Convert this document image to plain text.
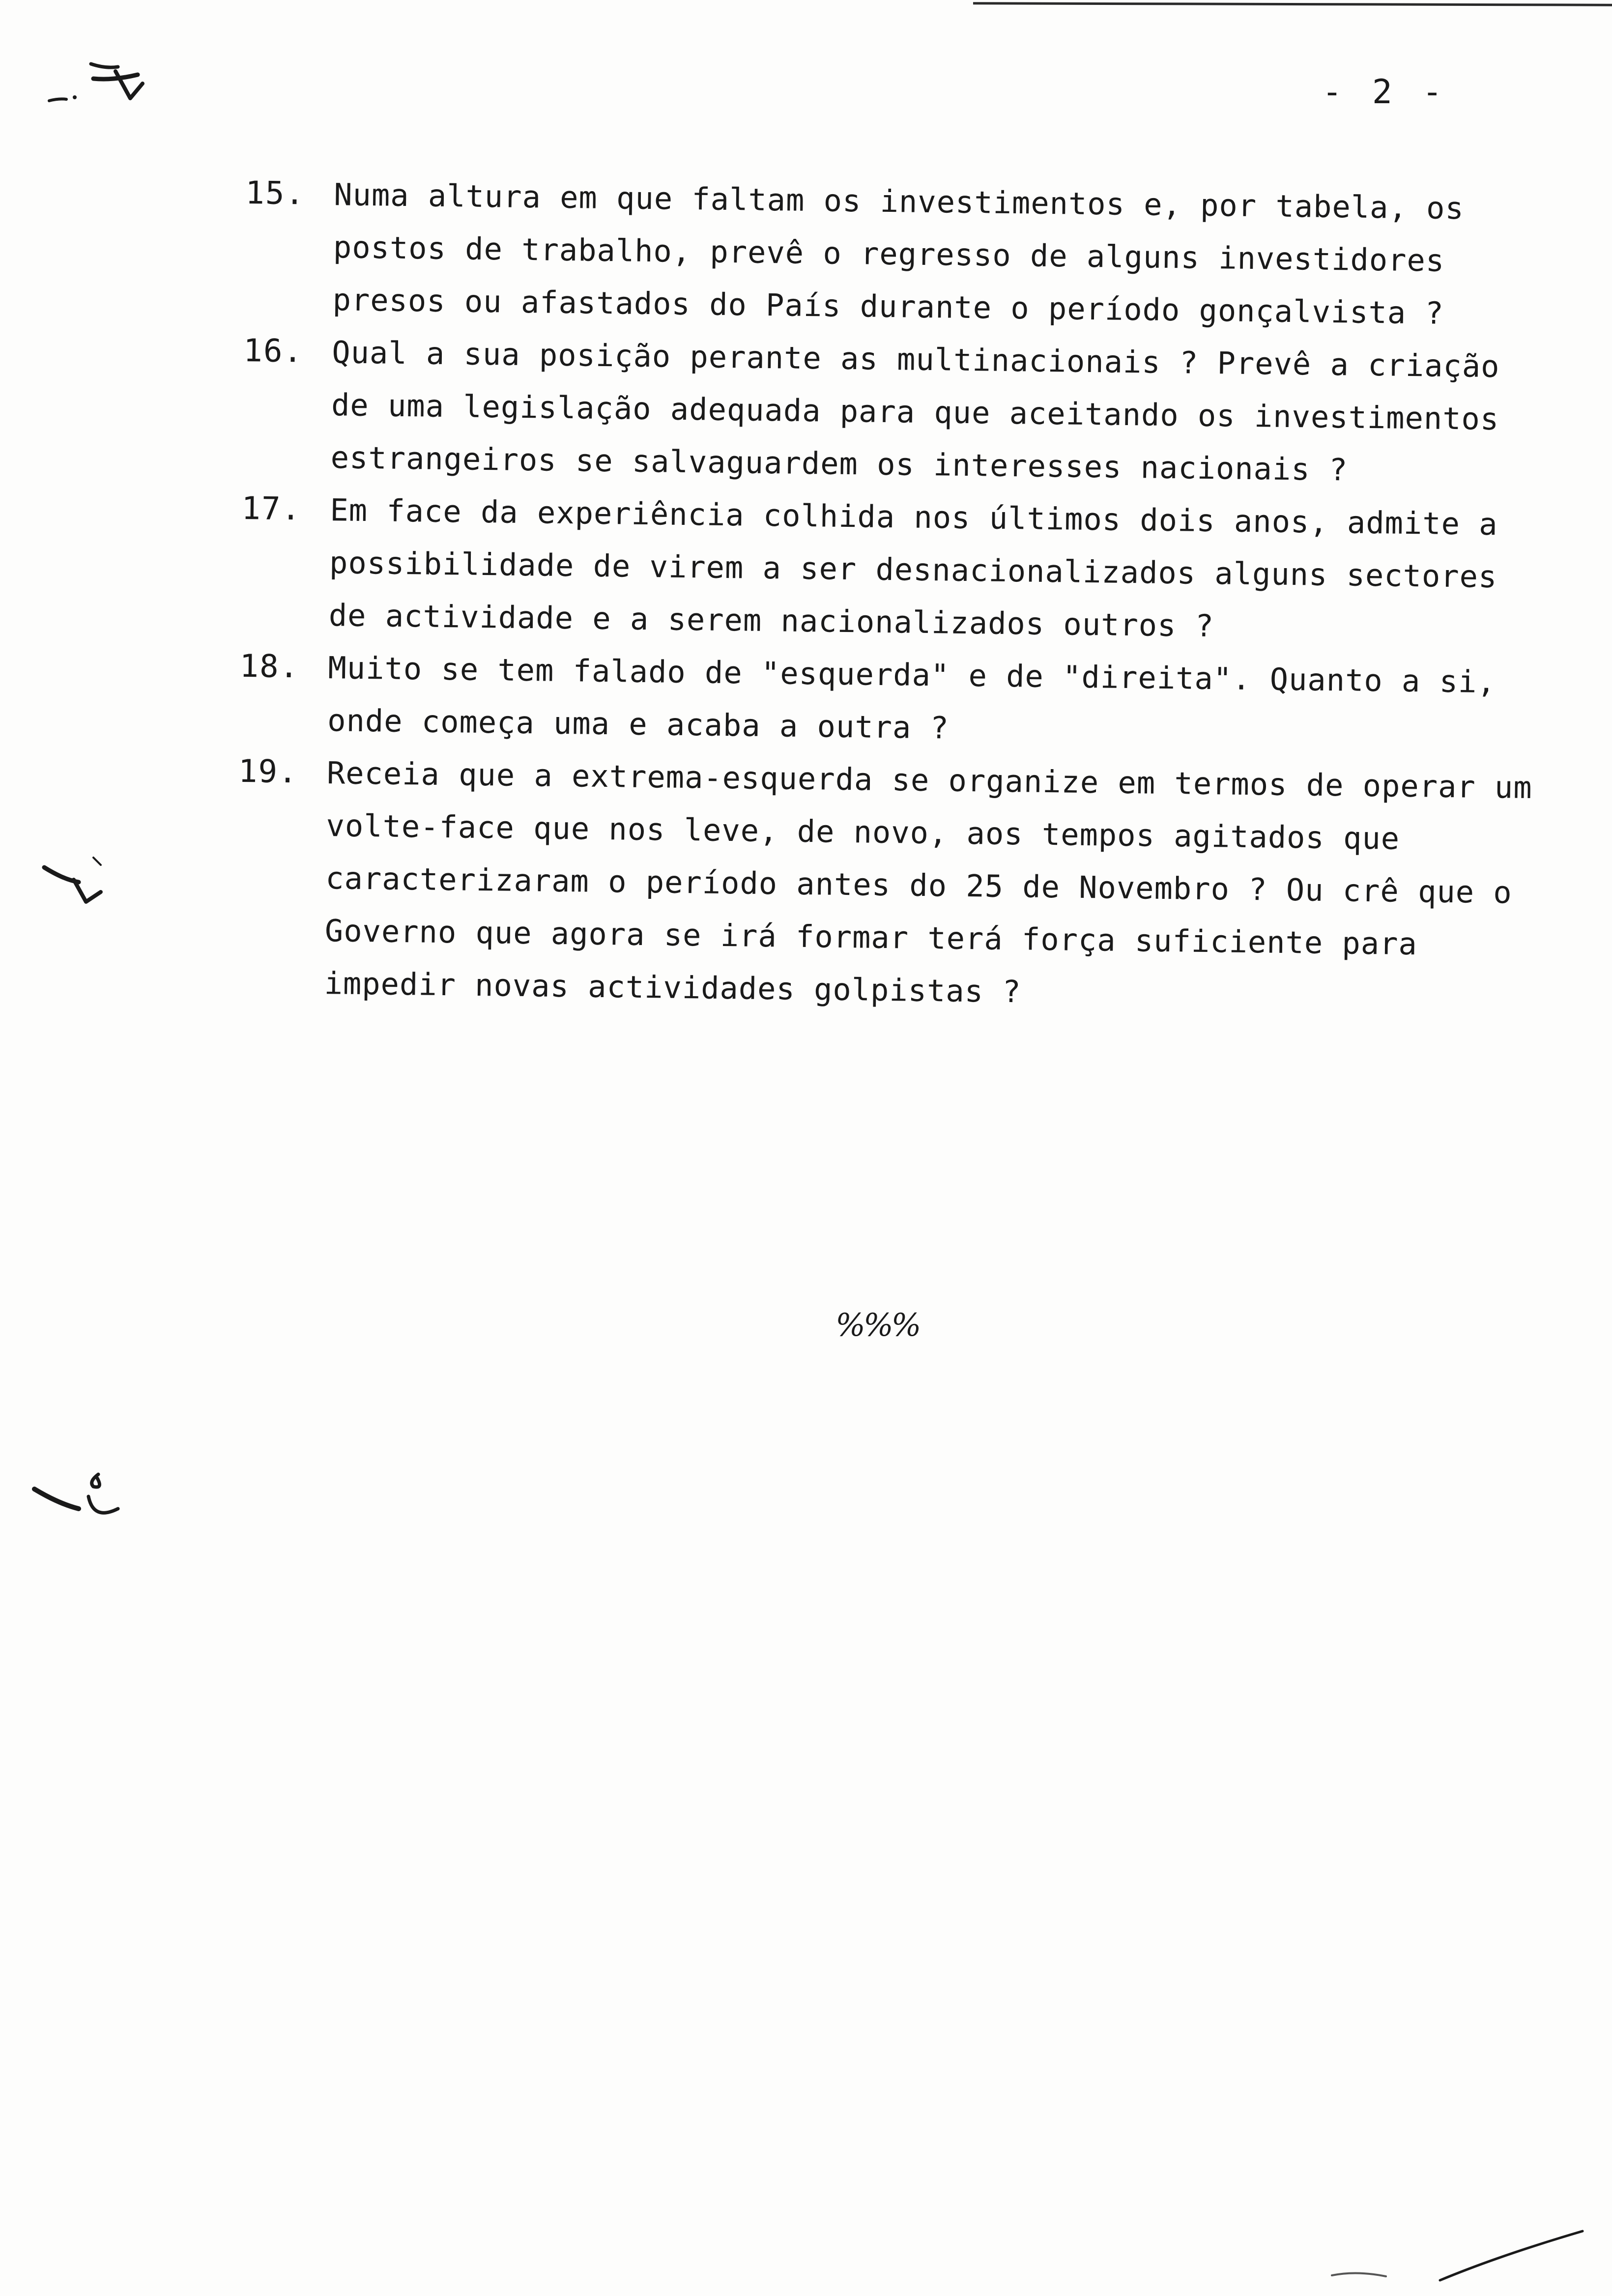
- 2 -
15. Numa altura em que faltam os investimentos e, por tabela, os postos de trabalho, prevê o regresso de alguns investidores presos ou afastados do País durante o período gonçalvista ?
16. Qual a sua posição perante as multinacionais ? Prevê a criação de uma legislação adequada para que aceitando os investimentos estrangeiros se salvaguardem os interesses nacionais ?
17. Em face da experiência colhida nos últimos dois anos, admite a possibilidade de virem a ser desnacionalizados alguns sectores de actividade e a serem nacionalizados outros ?
18. Muito se tem falado de "esquerda" e de "direita". Quanto a si, onde começa uma e acaba a outra ?
19. Receia que a extrema-esquerda se organize em termos de operar um volte-face que nos leve, de novo, aos tempos agitados que caracterizaram o período antes do 25 de Novembro ? Ou crê que o Governo que agora se irá formar terá força suficiente para impedir novas actividades golpistas ?
%%%
